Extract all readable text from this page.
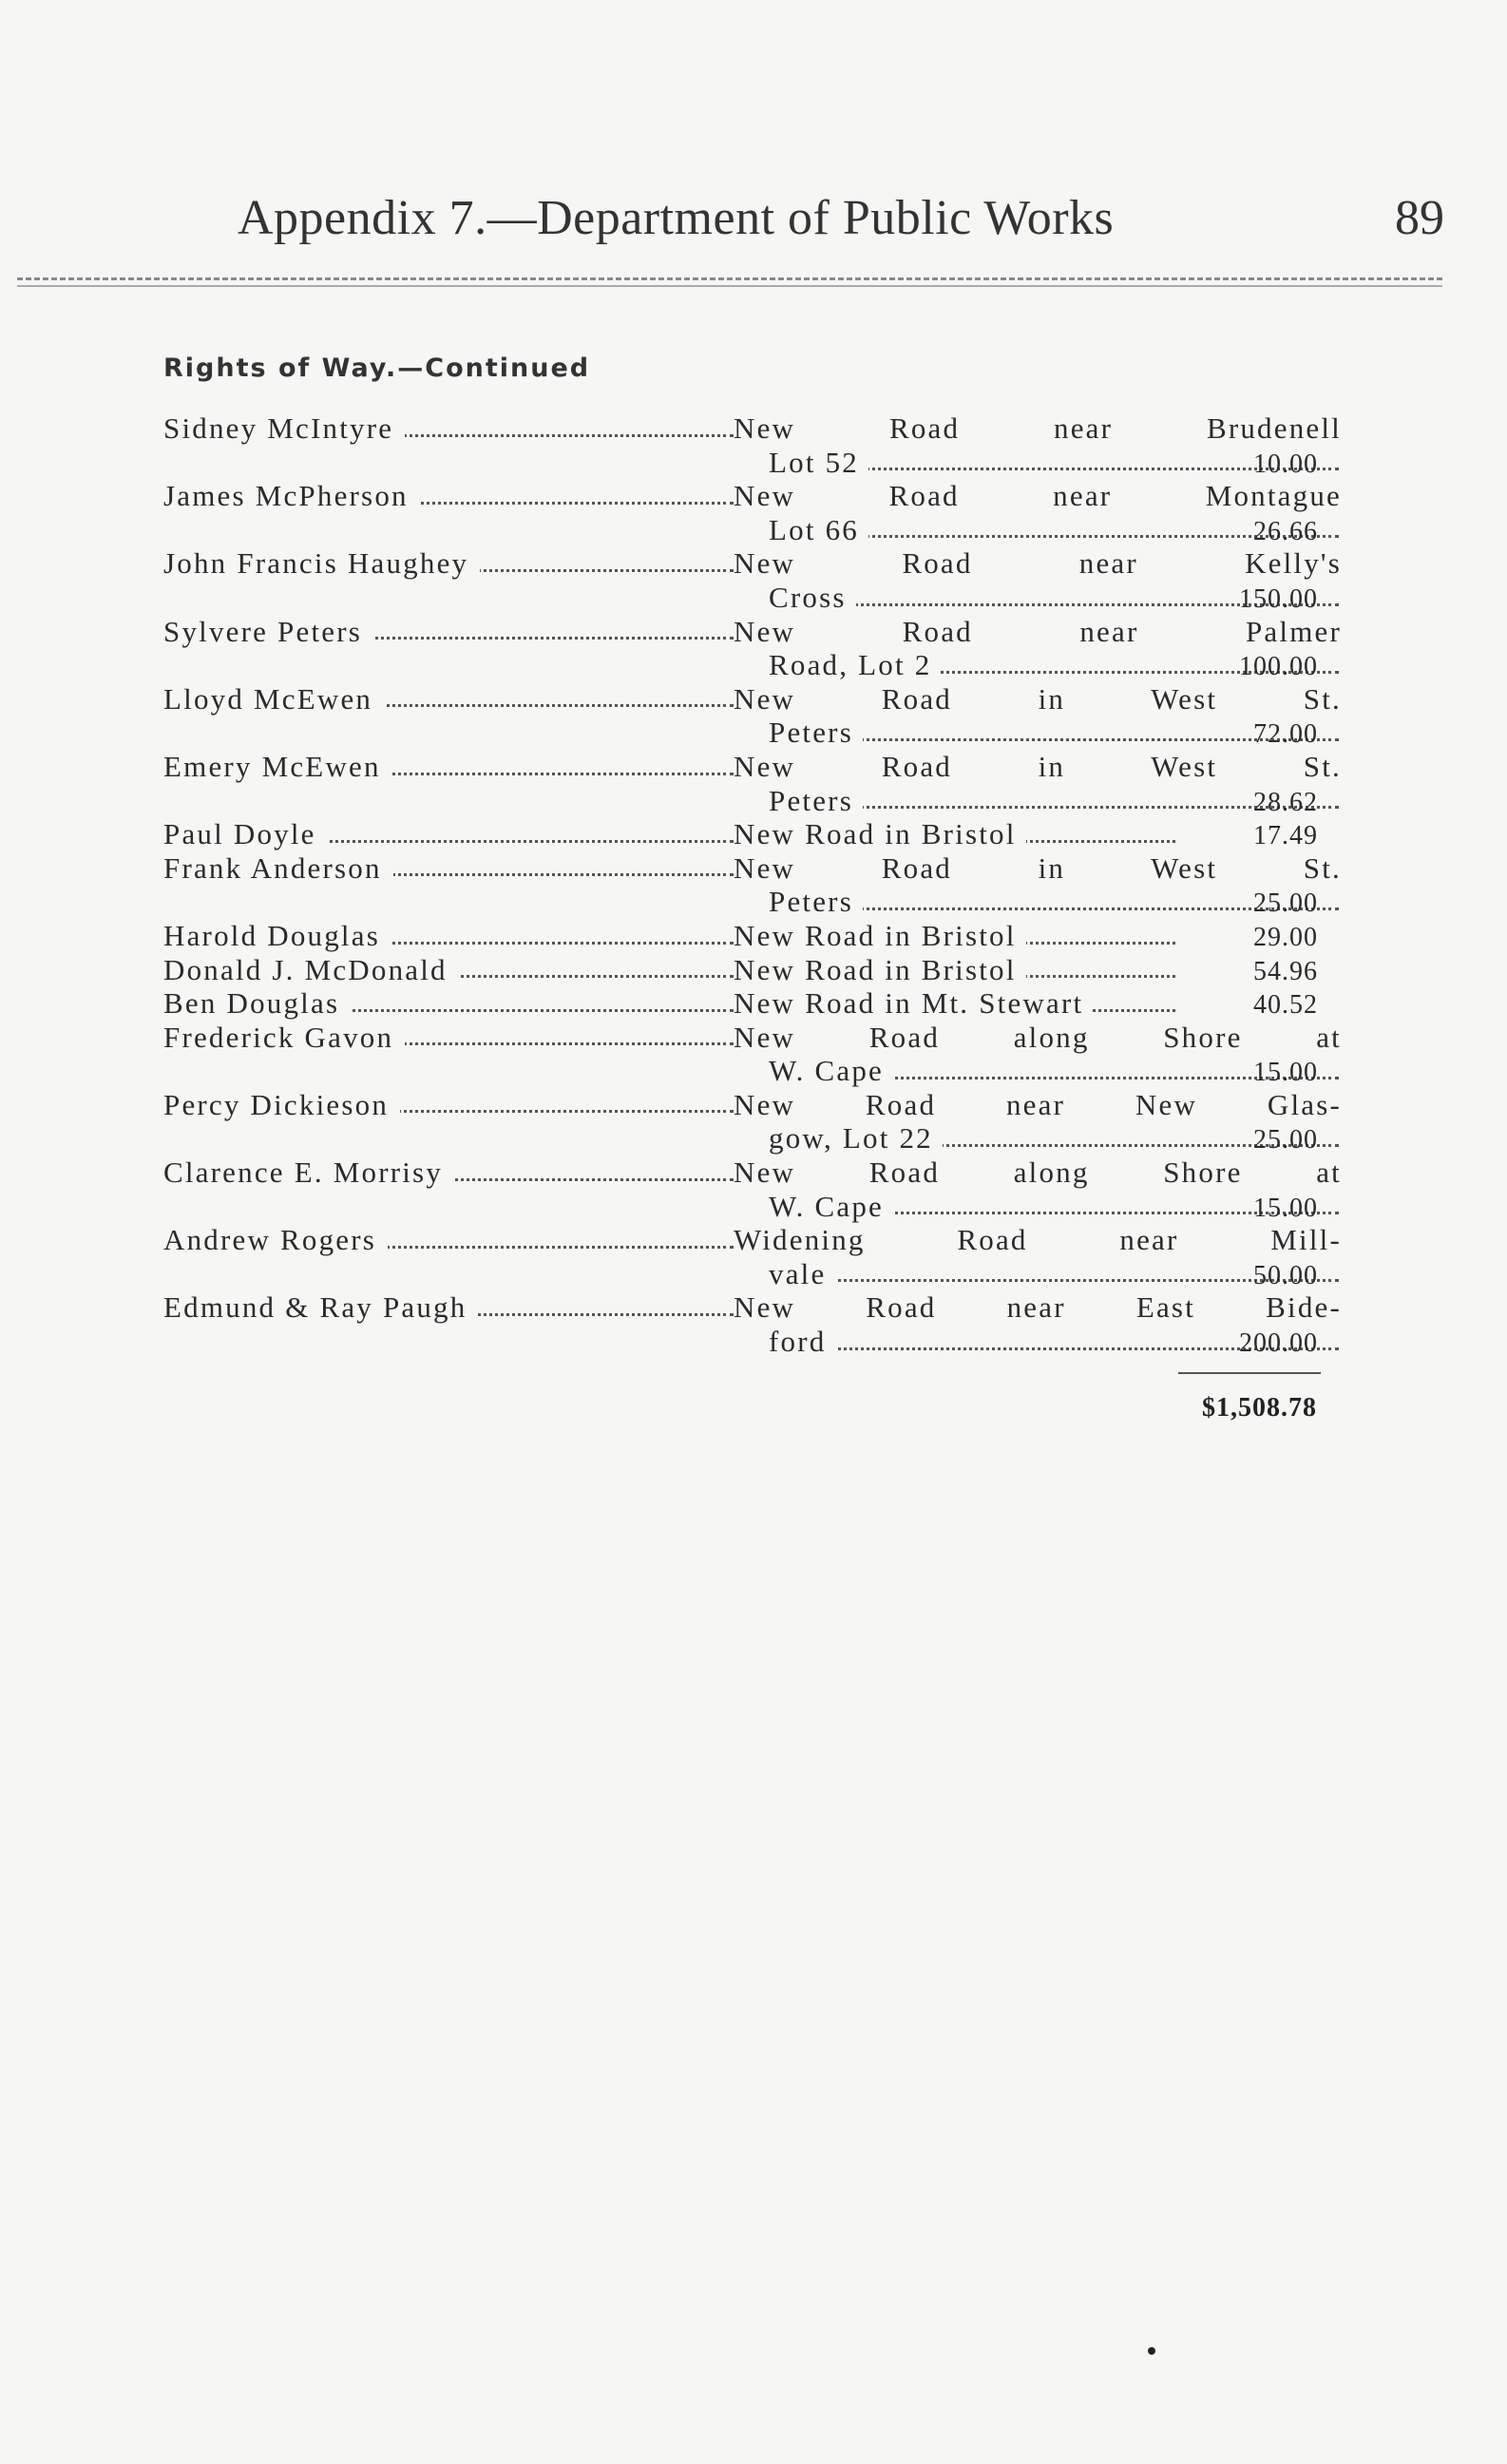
Appendix 7.—Department of Public Works	89
Rights of Way.—Continued
Sidney McIntyre	New Road near Brudenell
Lot 52	10.00
James McPherson	New Road near Montague
Lot 66	26.66
John Francis Haughey	New Road near Kelly's
Cross	150.00
Sylvere Peters	New Road near Palmer
Road, Lot 2	100.00
Lloyd McEwen	New Road in West St.
Peters	72.00
Emery McEwen	New Road in West St.
Peters	28.62
Paul Doyle	New Road in Bristol	17.49
Frank Anderson	New Road in West St.
Peters	25.00
Harold Douglas	New Road in Bristol	29.00
Donald J. McDonald	New Road in Bristol	54.96
Ben Douglas	New Road in Mt. Stewart	40.52
Frederick Gavon	New Road along Shore at
W. Cape	15.00
Percy Dickieson	New Road near New Glas-
gow, Lot 22	25.00
Clarence E. Morrisy	New Road along Shore at
W. Cape	15.00
Andrew Rogers	Widening Road near Mill-
vale	50.00
Edmund & Ray Paugh	New Road near East Bide-
ford	200.00
$1,508.78
